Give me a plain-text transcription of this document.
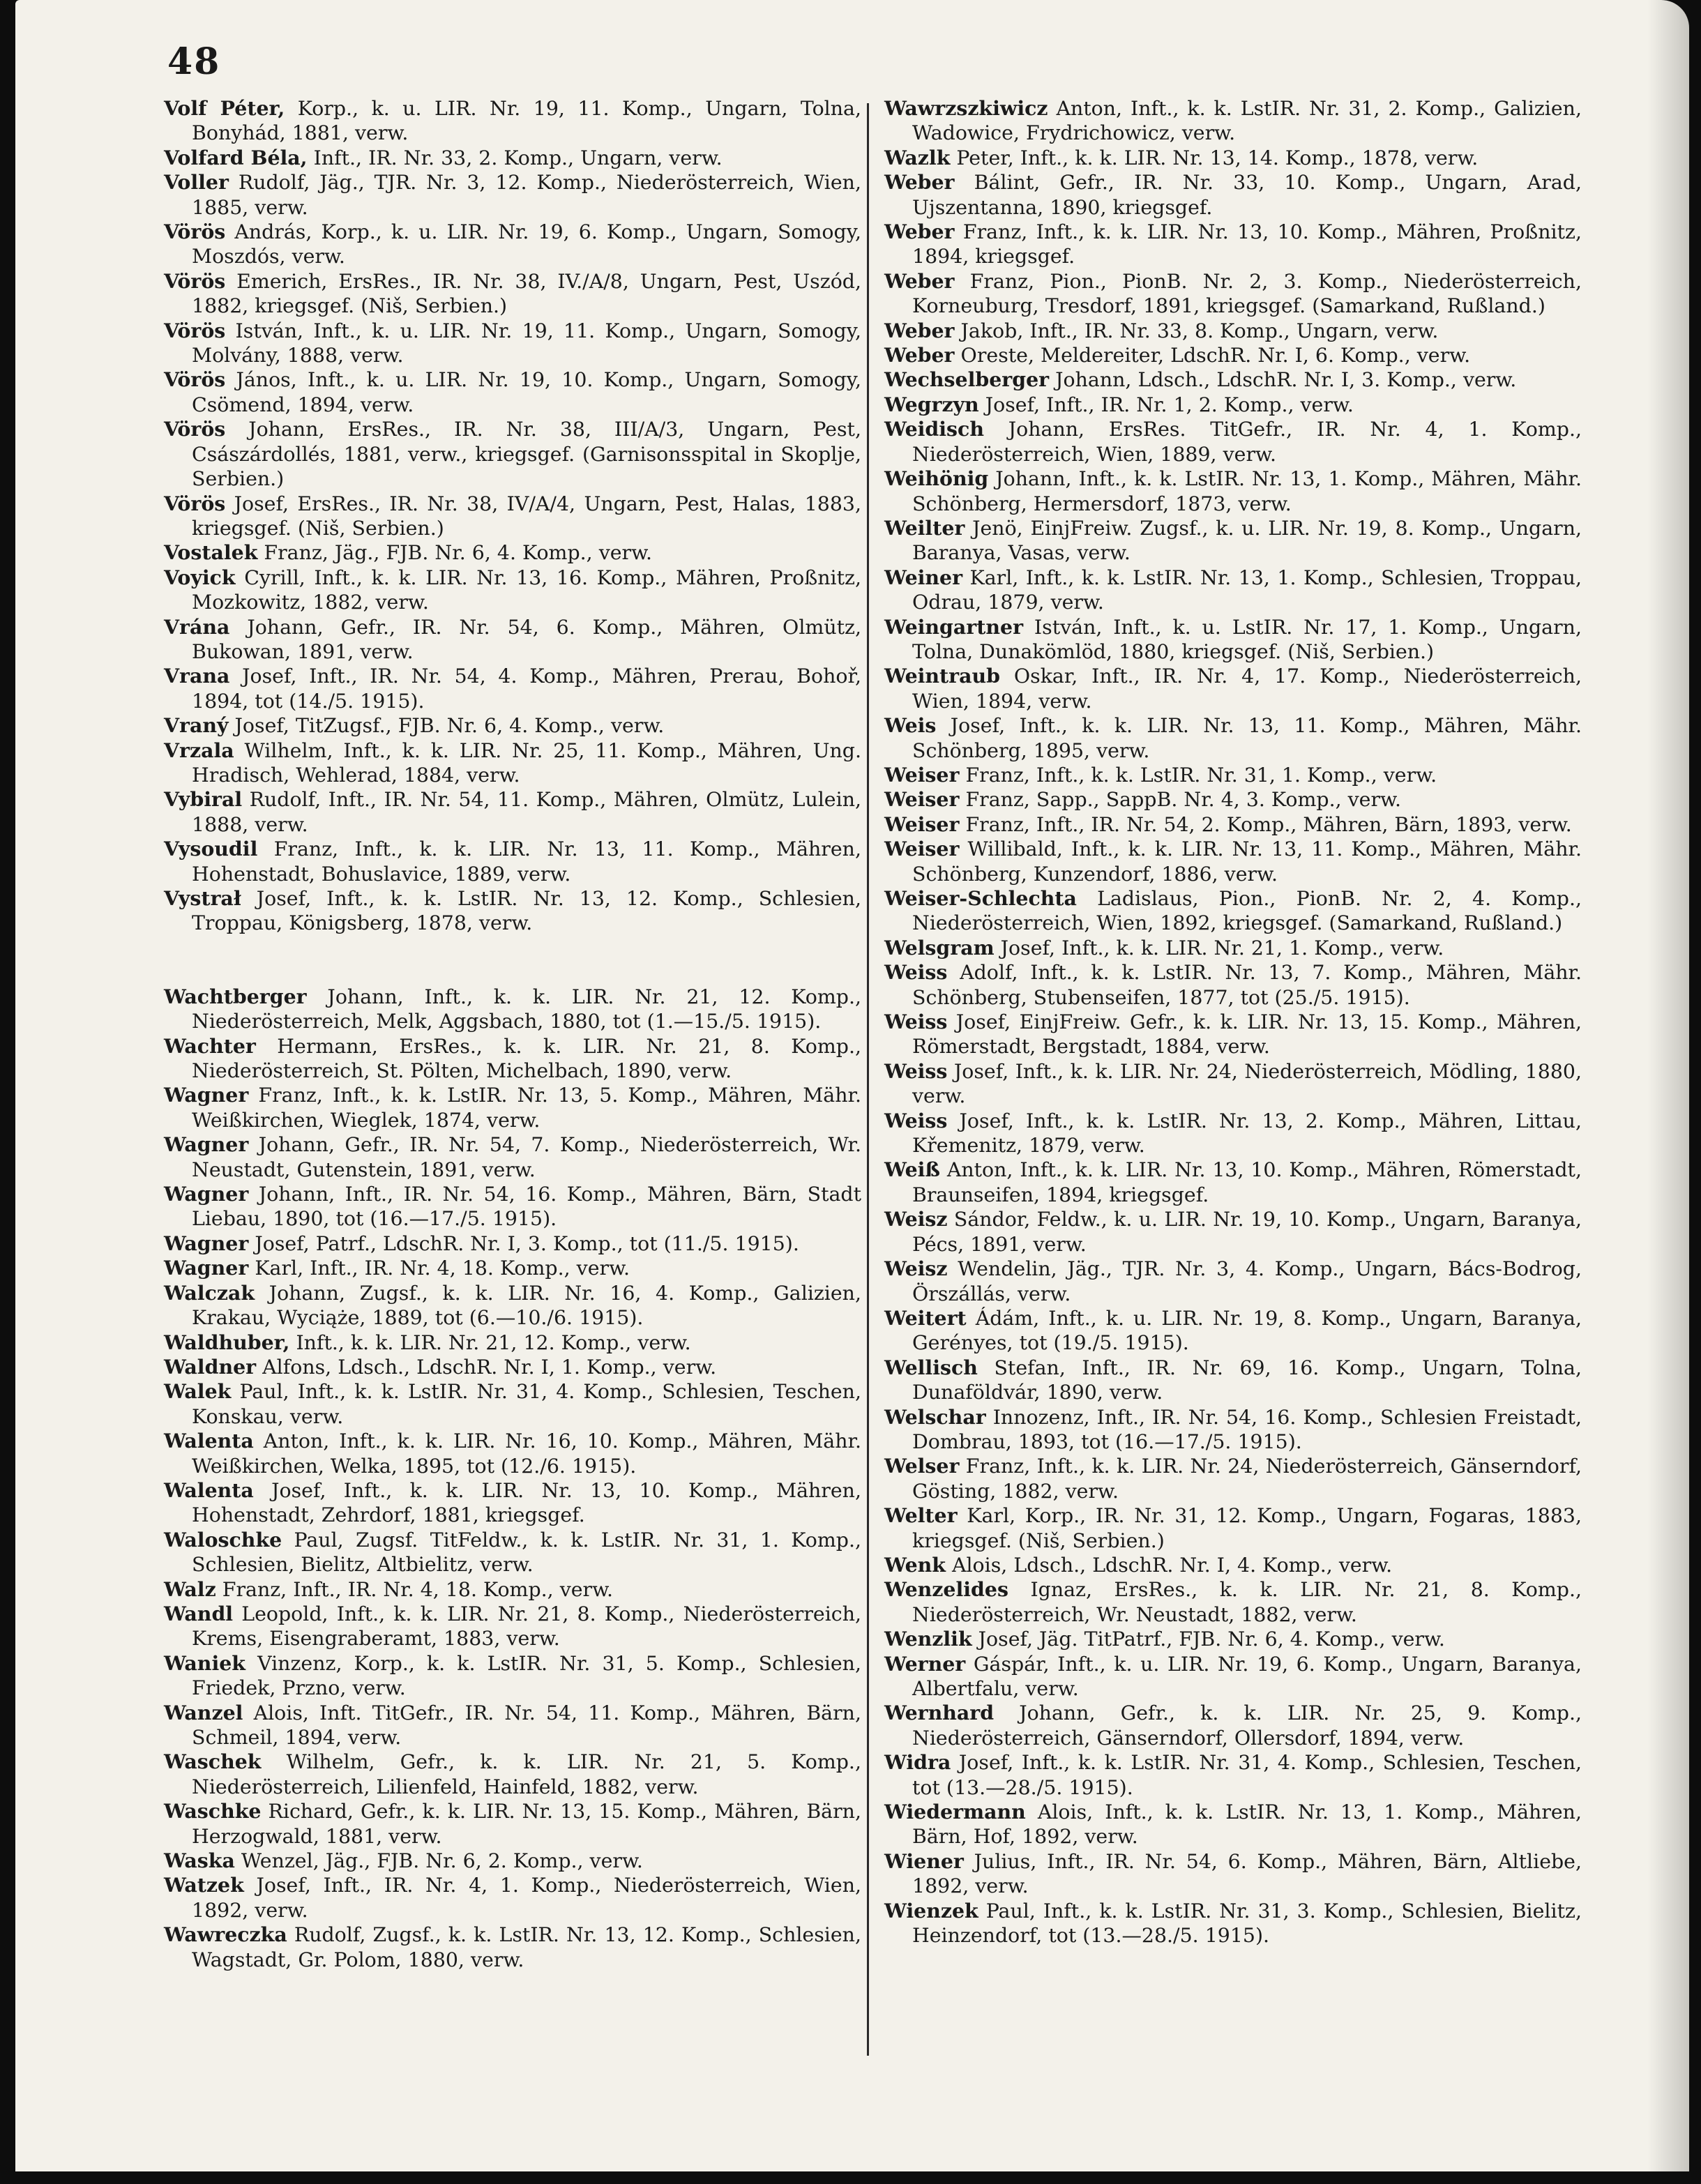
48
Volf Péter, Korp., k. u. LIR. Nr. 19, 11. Komp., Ungarn, Tolna, Bonyhád, 1881, verw.
Volfard Béla, Inft., IR. Nr. 33, 2. Komp., Ungarn, verw.
Voller Rudolf, Jäg., TJR. Nr. 3, 12. Komp., Niederösterreich, Wien, 1885, verw.
Vörös András, Korp., k. u. LIR. Nr. 19, 6. Komp., Ungarn, Somogy, Moszdós, verw.
Vörös Emerich, ErsRes., IR. Nr. 38, IV./A/8, Ungarn, Pest, Uszód, 1882, kriegsgef. (Niš, Serbien.)
Vörös István, Inft., k. u. LIR. Nr. 19, 11. Komp., Ungarn, Somogy, Molvány, 1888, verw.
Vörös János, Inft., k. u. LIR. Nr. 19, 10. Komp., Ungarn, Somogy, Csömend, 1894, verw.
Vörös Johann, ErsRes., IR. Nr. 38, III/A/3, Ungarn, Pest, Császárdollés, 1881, verw., kriegsgef. (Garnisonsspital in Skoplje, Serbien.)
Vörös Josef, ErsRes., IR. Nr. 38, IV/A/4, Ungarn, Pest, Halas, 1883, kriegsgef. (Niš, Serbien.)
Vostalek Franz, Jäg., FJB. Nr. 6, 4. Komp., verw.
Voyick Cyrill, Inft., k. k. LIR. Nr. 13, 16. Komp., Mähren, Proßnitz, Mozkowitz, 1882, verw.
Vrána Johann, Gefr., IR. Nr. 54, 6. Komp., Mähren, Olmütz, Bukowan, 1891, verw.
Vrana Josef, Inft., IR. Nr. 54, 4. Komp., Mähren, Prerau, Bohoř, 1894, tot (14./5. 1915).
Vraný Josef, TitZugsf., FJB. Nr. 6, 4. Komp., verw.
Vrzala Wilhelm, Inft., k. k. LIR. Nr. 25, 11. Komp., Mähren, Ung. Hradisch, Wehlerad, 1884, verw.
Vybiral Rudolf, Inft., IR. Nr. 54, 11. Komp., Mähren, Olmütz, Lulein, 1888, verw.
Vysoudil Franz, Inft., k. k. LIR. Nr. 13, 11. Komp., Mähren, Hohenstadt, Bohuslavice, 1889, verw.
Vystrał Josef, Inft., k. k. LstIR. Nr. 13, 12. Komp., Schlesien, Troppau, Königsberg, 1878, verw.
Wachtberger Johann, Inft., k. k. LIR. Nr. 21, 12. Komp., Niederösterreich, Melk, Aggsbach, 1880, tot (1.—15./5. 1915).
Wachter Hermann, ErsRes., k. k. LIR. Nr. 21, 8. Komp., Niederösterreich, St. Pölten, Michelbach, 1890, verw.
Wagner Franz, Inft., k. k. LstIR. Nr. 13, 5. Komp., Mähren, Mähr. Weißkirchen, Wieglek, 1874, verw.
Wagner Johann, Gefr., IR. Nr. 54, 7. Komp., Niederösterreich, Wr. Neustadt, Gutenstein, 1891, verw.
Wagner Johann, Inft., IR. Nr. 54, 16. Komp., Mähren, Bärn, Stadt Liebau, 1890, tot (16.—17./5. 1915).
Wagner Josef, Patrf., LdschR. Nr. I, 3. Komp., tot (11./5. 1915).
Wagner Karl, Inft., IR. Nr. 4, 18. Komp., verw.
Walczak Johann, Zugsf., k. k. LIR. Nr. 16, 4. Komp., Galizien, Krakau, Wyciąże, 1889, tot (6.—10./6. 1915).
Waldhuber, Inft., k. k. LIR. Nr. 21, 12. Komp., verw.
Waldner Alfons, Ldsch., LdschR. Nr. I, 1. Komp., verw.
Walek Paul, Inft., k. k. LstIR. Nr. 31, 4. Komp., Schlesien, Teschen, Konskau, verw.
Walenta Anton, Inft., k. k. LIR. Nr. 16, 10. Komp., Mähren, Mähr. Weißkirchen, Welka, 1895, tot (12./6. 1915).
Walenta Josef, Inft., k. k. LIR. Nr. 13, 10. Komp., Mähren, Hohenstadt, Zehrdorf, 1881, kriegsgef.
Waloschke Paul, Zugsf. TitFeldw., k. k. LstIR. Nr. 31, 1. Komp., Schlesien, Bielitz, Altbielitz, verw.
Walz Franz, Inft., IR. Nr. 4, 18. Komp., verw.
Wandl Leopold, Inft., k. k. LIR. Nr. 21, 8. Komp., Niederösterreich, Krems, Eisengraberamt, 1883, verw.
Waniek Vinzenz, Korp., k. k. LstIR. Nr. 31, 5. Komp., Schlesien, Friedek, Przno, verw.
Wanzel Alois, Inft. TitGefr., IR. Nr. 54, 11. Komp., Mähren, Bärn, Schmeil, 1894, verw.
Waschek Wilhelm, Gefr., k. k. LIR. Nr. 21, 5. Komp., Niederösterreich, Lilienfeld, Hainfeld, 1882, verw.
Waschke Richard, Gefr., k. k. LIR. Nr. 13, 15. Komp., Mähren, Bärn, Herzogwald, 1881, verw.
Waska Wenzel, Jäg., FJB. Nr. 6, 2. Komp., verw.
Watzek Josef, Inft., IR. Nr. 4, 1. Komp., Niederösterreich, Wien, 1892, verw.
Wawreczka Rudolf, Zugsf., k. k. LstIR. Nr. 13, 12. Komp., Schlesien, Wagstadt, Gr. Polom, 1880, verw.
Wawrzszkiwicz Anton, Inft., k. k. LstIR. Nr. 31, 2. Komp., Galizien, Wadowice, Frydrichowicz, verw.
Wazlk Peter, Inft., k. k. LIR. Nr. 13, 14. Komp., 1878, verw.
Weber Bálint, Gefr., IR. Nr. 33, 10. Komp., Ungarn, Arad, Ujszentanna, 1890, kriegsgef.
Weber Franz, Inft., k. k. LIR. Nr. 13, 10. Komp., Mähren, Proßnitz, 1894, kriegsgef.
Weber Franz, Pion., PionB. Nr. 2, 3. Komp., Niederösterreich, Korneuburg, Tresdorf, 1891, kriegsgef. (Samarkand, Rußland.)
Weber Jakob, Inft., IR. Nr. 33, 8. Komp., Ungarn, verw.
Weber Oreste, Meldereiter, LdschR. Nr. I, 6. Komp., verw.
Wechselberger Johann, Ldsch., LdschR. Nr. I, 3. Komp., verw.
Wegrzyn Josef, Inft., IR. Nr. 1, 2. Komp., verw.
Weidisch Johann, ErsRes. TitGefr., IR. Nr. 4, 1. Komp., Niederösterreich, Wien, 1889, verw.
Weihönig Johann, Inft., k. k. LstIR. Nr. 13, 1. Komp., Mähren, Mähr. Schönberg, Hermersdorf, 1873, verw.
Weilter Jenö, EinjFreiw. Zugsf., k. u. LIR. Nr. 19, 8. Komp., Ungarn, Baranya, Vasas, verw.
Weiner Karl, Inft., k. k. LstIR. Nr. 13, 1. Komp., Schlesien, Troppau, Odrau, 1879, verw.
Weingartner István, Inft., k. u. LstIR. Nr. 17, 1. Komp., Ungarn, Tolna, Dunakömlöd, 1880, kriegsgef. (Niš, Serbien.)
Weintraub Oskar, Inft., IR. Nr. 4, 17. Komp., Niederösterreich, Wien, 1894, verw.
Weis Josef, Inft., k. k. LIR. Nr. 13, 11. Komp., Mähren, Mähr. Schönberg, 1895, verw.
Weiser Franz, Inft., k. k. LstIR. Nr. 31, 1. Komp., verw.
Weiser Franz, Sapp., SappB. Nr. 4, 3. Komp., verw.
Weiser Franz, Inft., IR. Nr. 54, 2. Komp., Mähren, Bärn, 1893, verw.
Weiser Willibald, Inft., k. k. LIR. Nr. 13, 11. Komp., Mähren, Mähr. Schönberg, Kunzendorf, 1886, verw.
Weiser-Schlechta Ladislaus, Pion., PionB. Nr. 2, 4. Komp., Niederösterreich, Wien, 1892, kriegsgef. (Samarkand, Rußland.)
Welsgram Josef, Inft., k. k. LIR. Nr. 21, 1. Komp., verw.
Weiss Adolf, Inft., k. k. LstIR. Nr. 13, 7. Komp., Mähren, Mähr. Schönberg, Stubenseifen, 1877, tot (25./5. 1915).
Weiss Josef, EinjFreiw. Gefr., k. k. LIR. Nr. 13, 15. Komp., Mähren, Römerstadt, Bergstadt, 1884, verw.
Weiss Josef, Inft., k. k. LIR. Nr. 24, Niederösterreich, Mödling, 1880, verw.
Weiss Josef, Inft., k. k. LstIR. Nr. 13, 2. Komp., Mähren, Littau, Křemenitz, 1879, verw.
Weiß Anton, Inft., k. k. LIR. Nr. 13, 10. Komp., Mähren, Römerstadt, Braunseifen, 1894, kriegsgef.
Weisz Sándor, Feldw., k. u. LIR. Nr. 19, 10. Komp., Ungarn, Baranya, Pécs, 1891, verw.
Weisz Wendelin, Jäg., TJR. Nr. 3, 4. Komp., Ungarn, Bács-Bodrog, Örszállás, verw.
Weitert Ádám, Inft., k. u. LIR. Nr. 19, 8. Komp., Ungarn, Baranya, Gerényes, tot (19./5. 1915).
Wellisch Stefan, Inft., IR. Nr. 69, 16. Komp., Ungarn, Tolna, Dunaföldvár, 1890, verw.
Welschar Innozenz, Inft., IR. Nr. 54, 16. Komp., Schlesien Freistadt, Dombrau, 1893, tot (16.—17./5. 1915).
Welser Franz, Inft., k. k. LIR. Nr. 24, Niederösterreich, Gänserndorf, Gösting, 1882, verw.
Welter Karl, Korp., IR. Nr. 31, 12. Komp., Ungarn, Fogaras, 1883, kriegsgef. (Niš, Serbien.)
Wenk Alois, Ldsch., LdschR. Nr. I, 4. Komp., verw.
Wenzelides Ignaz, ErsRes., k. k. LIR. Nr. 21, 8. Komp., Niederösterreich, Wr. Neustadt, 1882, verw.
Wenzlik Josef, Jäg. TitPatrf., FJB. Nr. 6, 4. Komp., verw.
Werner Gáspár, Inft., k. u. LIR. Nr. 19, 6. Komp., Ungarn, Baranya, Albertfalu, verw.
Wernhard Johann, Gefr., k. k. LIR. Nr. 25, 9. Komp., Niederösterreich, Gänserndorf, Ollersdorf, 1894, verw.
Widra Josef, Inft., k. k. LstIR. Nr. 31, 4. Komp., Schlesien, Teschen, tot (13.—28./5. 1915).
Wiedermann Alois, Inft., k. k. LstIR. Nr. 13, 1. Komp., Mähren, Bärn, Hof, 1892, verw.
Wiener Julius, Inft., IR. Nr. 54, 6. Komp., Mähren, Bärn, Altliebe, 1892, verw.
Wienzek Paul, Inft., k. k. LstIR. Nr. 31, 3. Komp., Schlesien, Bielitz, Heinzendorf, tot (13.—28./5. 1915).
